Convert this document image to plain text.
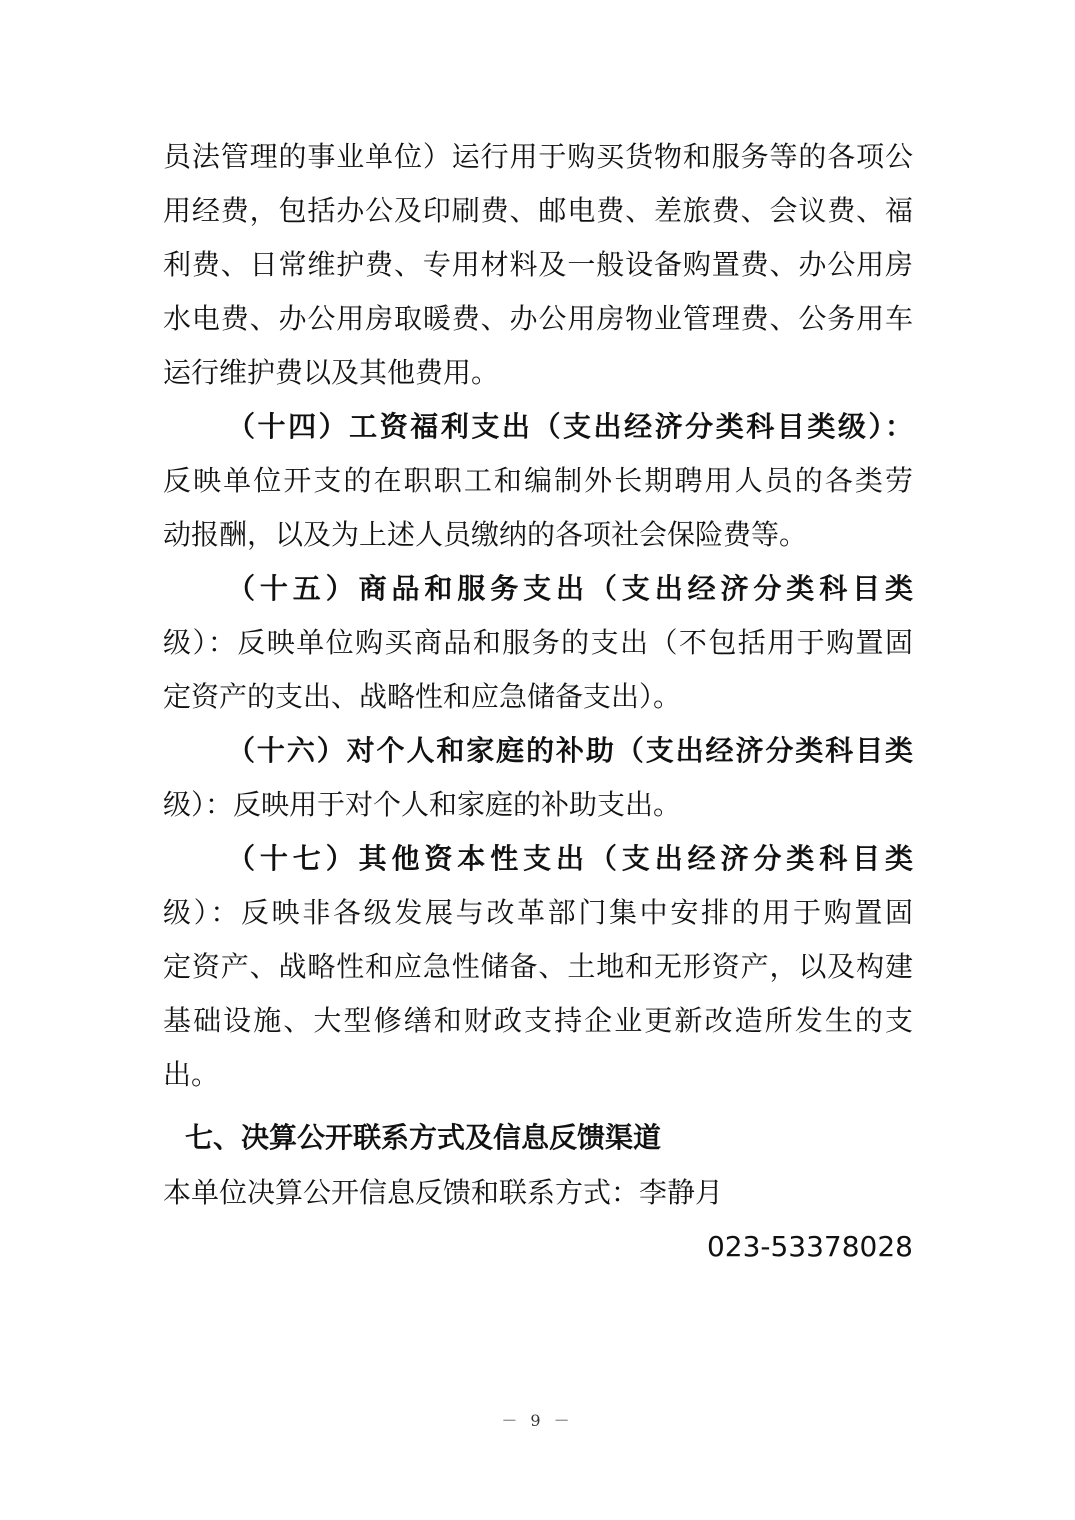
员法管理的事业单位）运行用于购买货物和服务等的各项公
用经费，包括办公及印刷费、邮电费、差旅费、会议费、福
利费、日常维护费、专用材料及一般设备购置费、办公用房
水电费、办公用房取暖费、办公用房物业管理费、公务用车
运行维护费以及其他费用。
（十四）工资福利支出（支出经济分类科目类级）：
反映单位开支的在职职工和编制外长期聘用人员的各类劳
动报酬，以及为上述人员缴纳的各项社会保险费等。
（十五）商品和服务支出（支出经济分类科目类
级）：反映单位购买商品和服务的支出（不包括用于购置固
定资产的支出、战略性和应急储备支出）。
（十六）对个人和家庭的补助（支出经济分类科目类
级）：反映用于对个人和家庭的补助支出。
（十七）其他资本性支出（支出经济分类科目类
级）：反映非各级发展与改革部门集中安排的用于购置固
定资产、战略性和应急性储备、土地和无形资产，以及构建
基础设施、大型修缮和财政支持企业更新改造所发生的支
出。
七、决算公开联系方式及信息反馈渠道
本单位决算公开信息反馈和联系方式：李静月
023-53378028
－ 9 －
